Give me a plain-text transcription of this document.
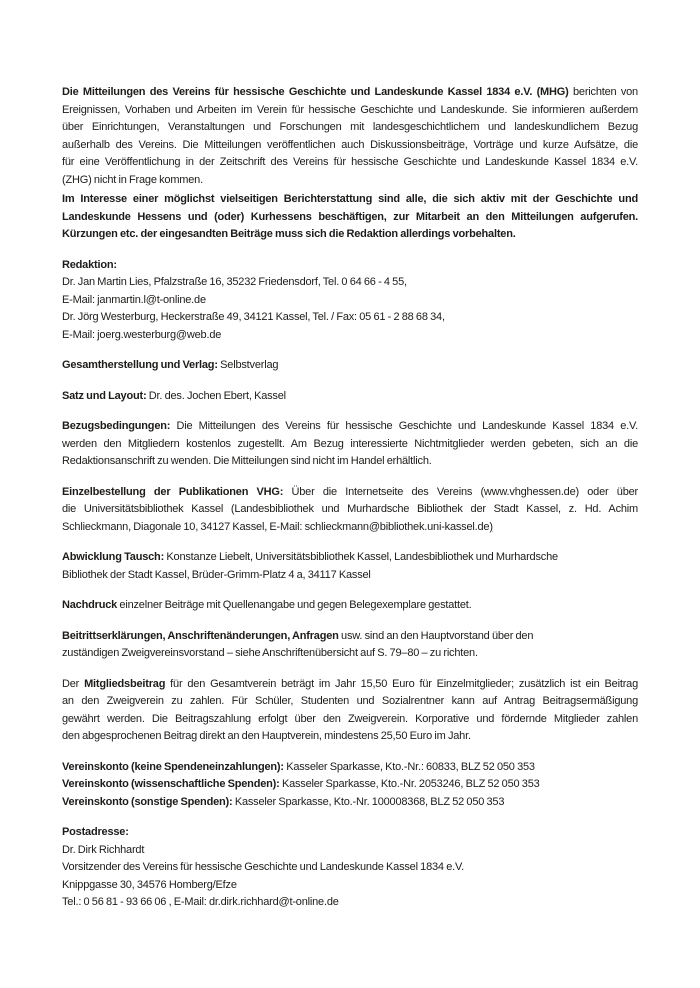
Die Mitteilungen des Vereins für hessische Geschichte und Landeskunde Kassel 1834 e.V. (MHG) berichten von
Ereignissen, Vorhaben und Arbeiten im Verein für hessische Geschichte und Landeskunde. Sie informieren außerdem
über Einrichtungen, Veranstaltungen und Forschungen mit landesgeschichtlichem und landeskundlichem Bezug
außerhalb des Vereins. Die Mitteilungen veröffentlichen auch Diskussionsbeiträge, Vorträge und kurze Aufsätze, die
für eine Veröffentlichung in der Zeitschrift des Vereins für hessische Geschichte und Landeskunde Kassel 1834 e.V.
(ZHG) nicht in Frage kommen.
Im Interesse einer möglichst vielseitigen Berichterstattung sind alle, die sich aktiv mit der Geschichte und
Landeskunde Hessens und (oder) Kurhessens beschäftigen, zur Mitarbeit an den Mitteilungen aufgerufen.
Kürzungen etc. der eingesandten Beiträge muss sich die Redaktion allerdings vorbehalten.
Redaktion:
Dr. Jan Martin Lies, Pfalzstraße 16, 35232 Friedensdorf, Tel. 0 64 66 - 4 55,
E-Mail: janmartin.l@t-online.de
Dr. Jörg Westerburg, Heckerstraße 49, 34121 Kassel, Tel. / Fax: 05 61 - 2 88 68 34,
E-Mail: joerg.westerburg@web.de
Gesamtherstellung und Verlag: Selbstverlag
Satz und Layout: Dr. des. Jochen Ebert, Kassel
Bezugsbedingungen: Die Mitteilungen des Vereins für hessische Geschichte und Landeskunde Kassel 1834 e.V.
werden den Mitgliedern kostenlos zugestellt. Am Bezug interessierte Nichtmitglieder werden gebeten, sich an die
Redaktionsanschrift zu wenden. Die Mitteilungen sind nicht im Handel erhältlich.
Einzelbestellung der Publikationen VHG: Über die Internetseite des Vereins (www.vhghessen.de) oder über
die Universitätsbibliothek Kassel (Landesbibliothek und Murhardsche Bibliothek der Stadt Kassel, z. Hd. Achim
Schlieckmann, Diagonale 10, 34127 Kassel, E-Mail: schlieckmann@bibliothek.uni-kassel.de)
Abwicklung Tausch: Konstanze Liebelt, Universitätsbibliothek Kassel, Landesbibliothek und Murhardsche
Bibliothek der Stadt Kassel, Brüder-Grimm-Platz 4 a, 34117 Kassel
Nachdruck einzelner Beiträge mit Quellenangabe und gegen Belegexemplare gestattet.
Beitrittserklärungen, Anschriftenänderungen, Anfragen usw. sind an den Hauptvorstand über den
zuständigen Zweigvereinsvorstand – siehe Anschriftenübersicht auf S. 79–80 – zu richten.
Der Mitgliedsbeitrag für den Gesamtverein beträgt im Jahr 15,50 Euro für Einzelmitglieder; zusätzlich ist ein Beitrag
an den Zweigverein zu zahlen. Für Schüler, Studenten und Sozialrentner kann auf Antrag Beitragsermäßigung
gewährt werden. Die Beitragszahlung erfolgt über den Zweigverein. Korporative und fördernde Mitglieder zahlen
den abgesprochenen Beitrag direkt an den Hauptverein, mindestens 25,50 Euro im Jahr.
Vereinskonto (keine Spendeneinzahlungen): Kasseler Sparkasse, Kto.-Nr.: 60833, BLZ 52 050 353
Vereinskonto (wissenschaftliche Spenden): Kasseler Sparkasse, Kto.-Nr. 2053246, BLZ 52 050 353
Vereinskonto (sonstige Spenden): Kasseler Sparkasse, Kto.-Nr. 100008368, BLZ 52 050 353
Postadresse:
Dr. Dirk Richhardt
Vorsitzender des Vereins für hessische Geschichte und Landeskunde Kassel 1834 e.V.
Knippgasse 30, 34576 Homberg/Efze
Tel.: 0 56 81 - 93 66 06 , E-Mail: dr.dirk.richhard@t-online.de
